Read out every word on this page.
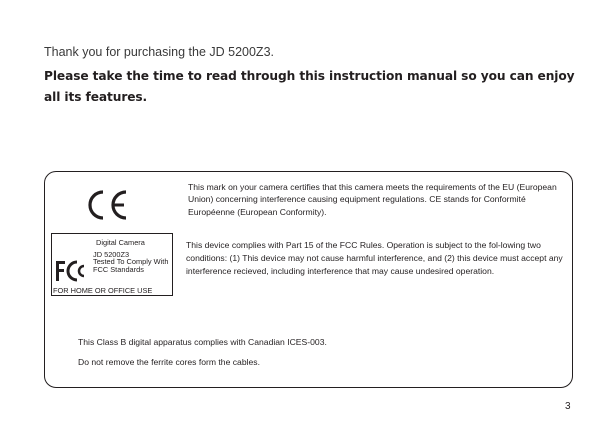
Thank you for purchasing the JD 5200Z3.
Please take the time to read through this instruction manual so you can enjoy all its features.
This mark on your camera certifies that this camera meets the requirements of the EU (European Union) concerning interference causing equipment regulations. CE stands for Conformité Européenne (European Conformity).
Digital Camera
JD 5200Z3
Tested To Comply With FCC Standards
FOR HOME OR OFFICE USE
This device complies with Part 15 of the FCC Rules. Operation is subject to the fol-lowing two conditions: (1) This device may not cause harmful interference, and (2) this device must accept any interference recieved, including interference that may cause undesired operation.
This Class B digital apparatus complies with Canadian ICES-003.
Do not remove the ferrite cores form the cables.
3
